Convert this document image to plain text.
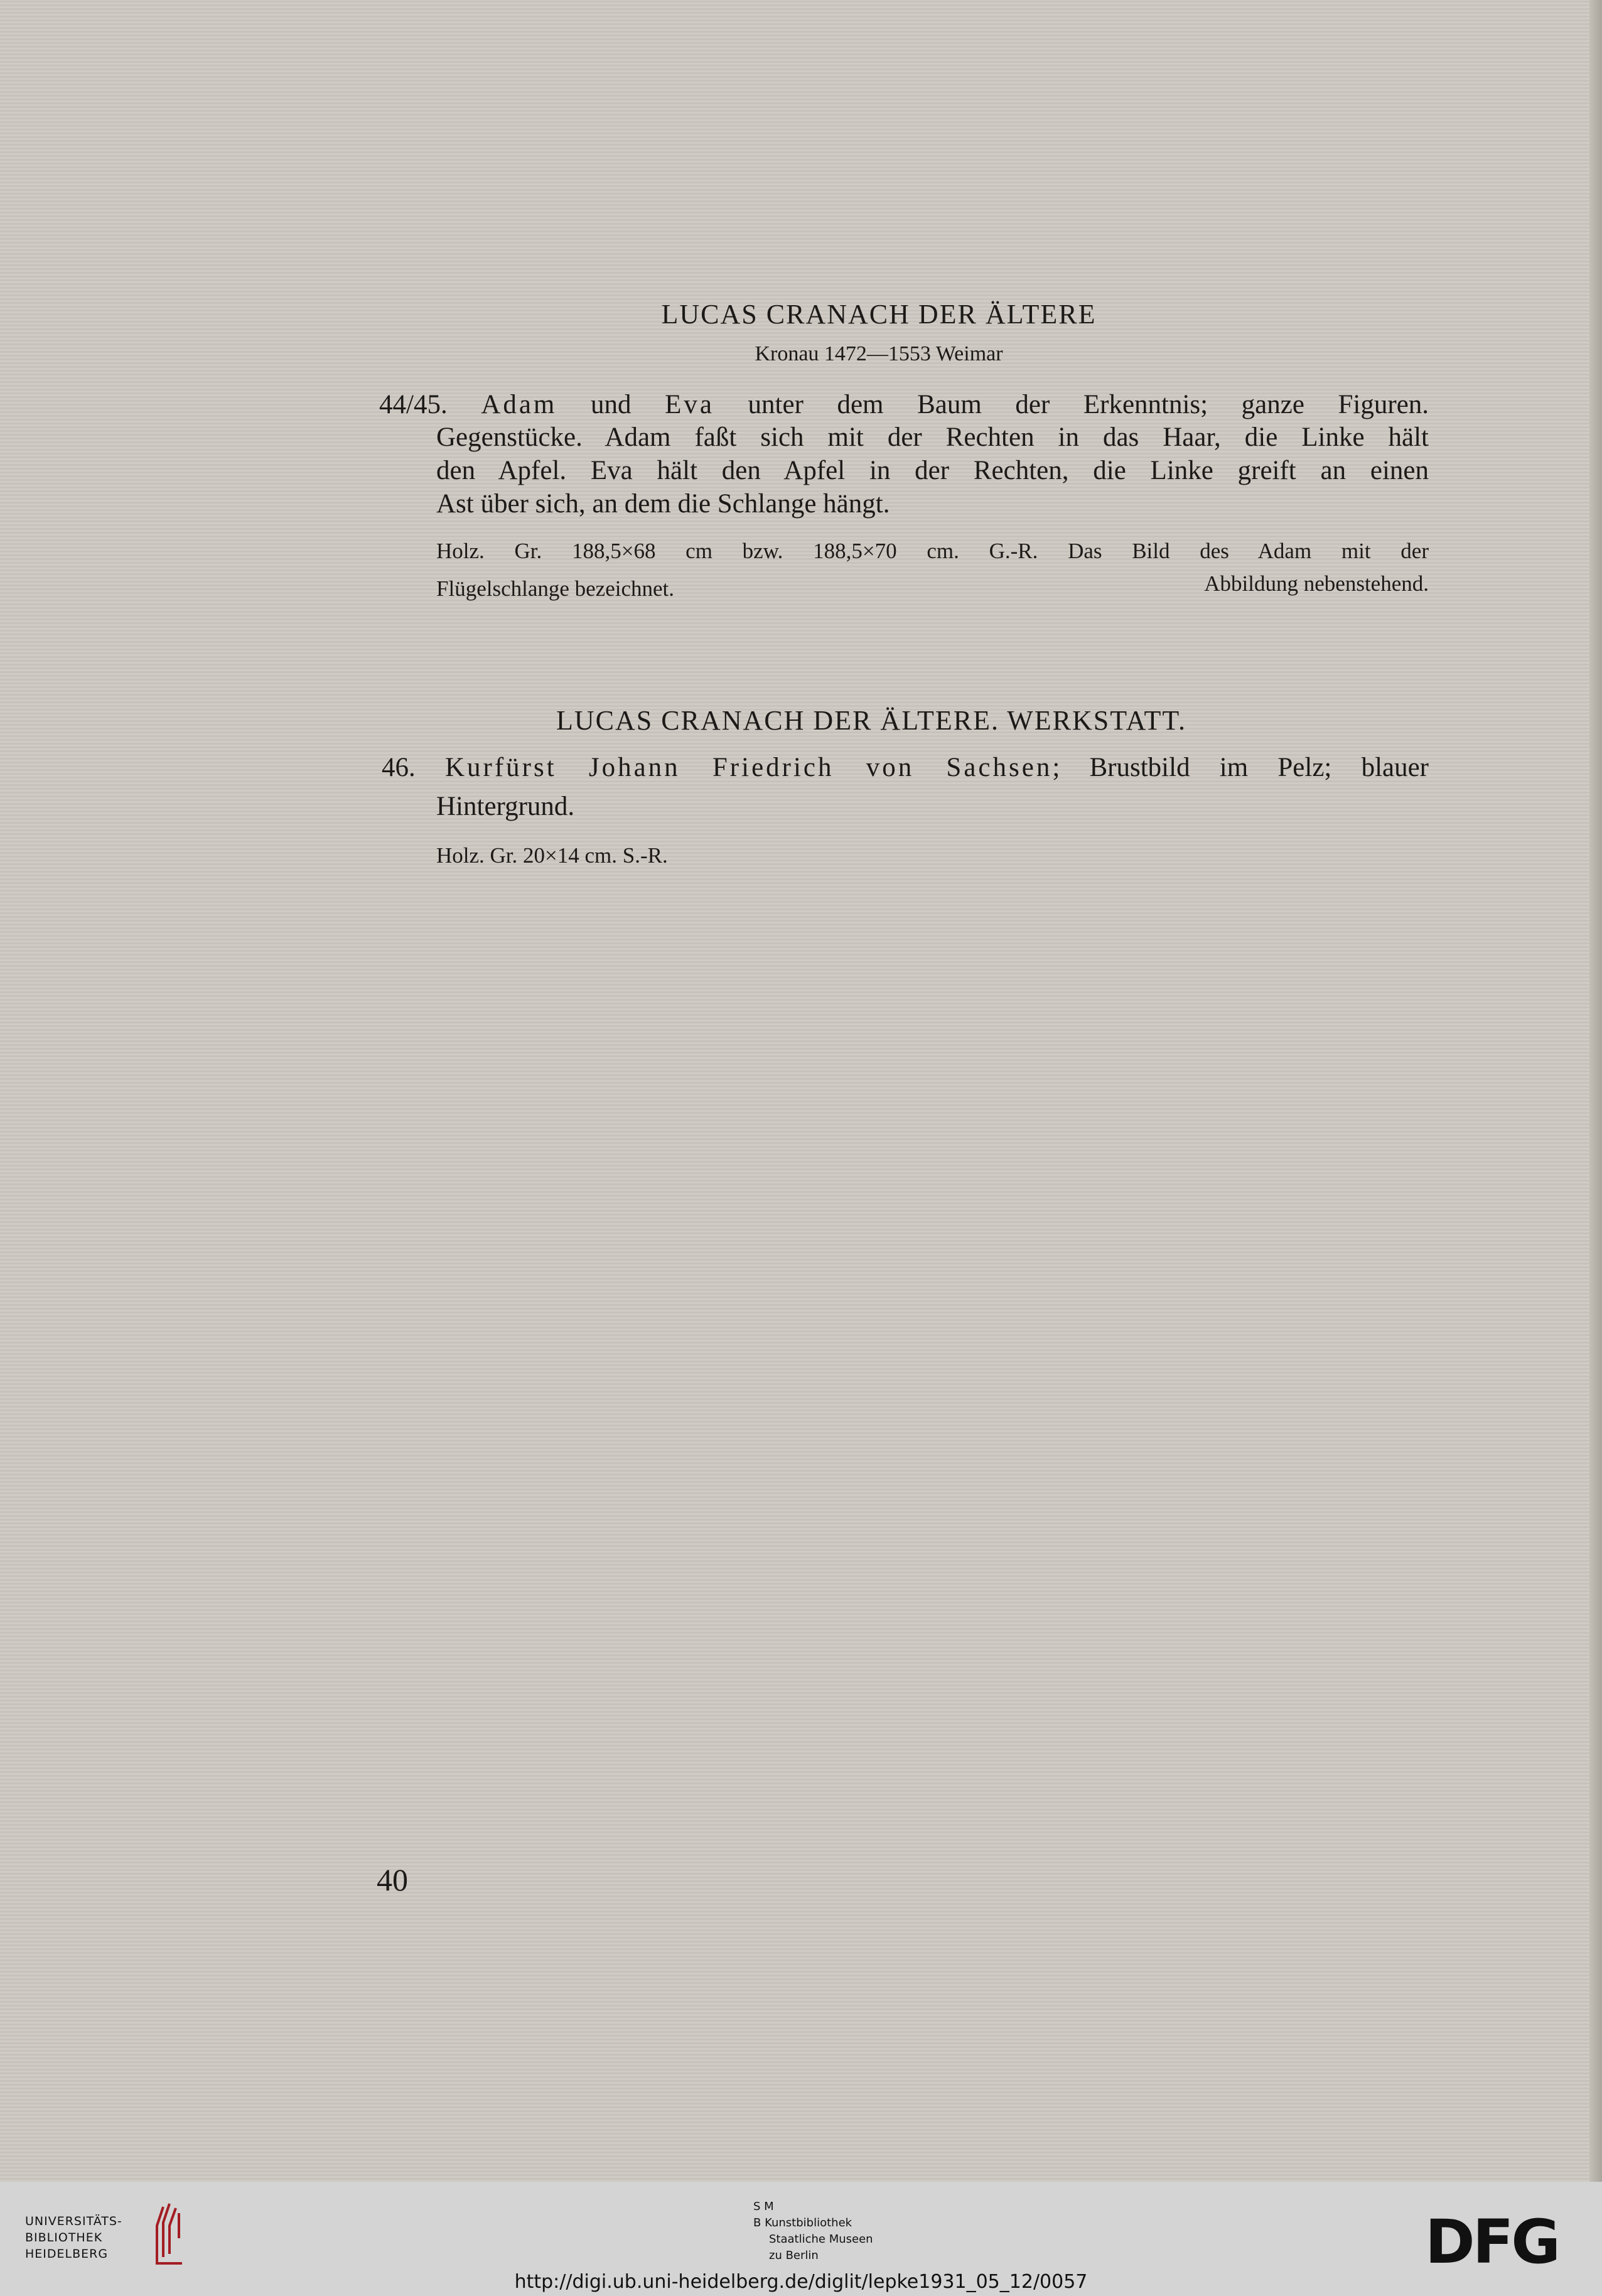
LUCAS CRANACH DER ÄLTERE
Kronau 1472—1553 Weimar
44/45. Adam und Eva unter dem Baum der Erkenntnis; ganze Figuren.
Gegenstücke. Adam faßt sich mit der Rechten in das Haar, die Linke hält
den Apfel. Eva hält den Apfel in der Rechten, die Linke greift an einen
Ast über sich, an dem die Schlange hängt.
Holz. Gr. 188,5×68 cm bzw. 188,5×70 cm. G.-R. Das Bild des Adam mit der
Flügelschlange bezeichnet.	Abbildung nebenstehend.
LUCAS CRANACH DER ÄLTERE. WERKSTATT.
46. Kurfürst Johann Friedrich von Sachsen; Brustbild im Pelz; blauer
Hintergrund.
Holz. Gr. 20×14 cm. S.-R.
40
UNIVERSITÄTS-
BIBLIOTHEK
HEIDELBERG
S M
B Kunstbibliothek
Staatliche Museen
zu Berlin	DFG
http://digi.ub.uni-heidelberg.de/diglit/lepke1931_05_12/0057
